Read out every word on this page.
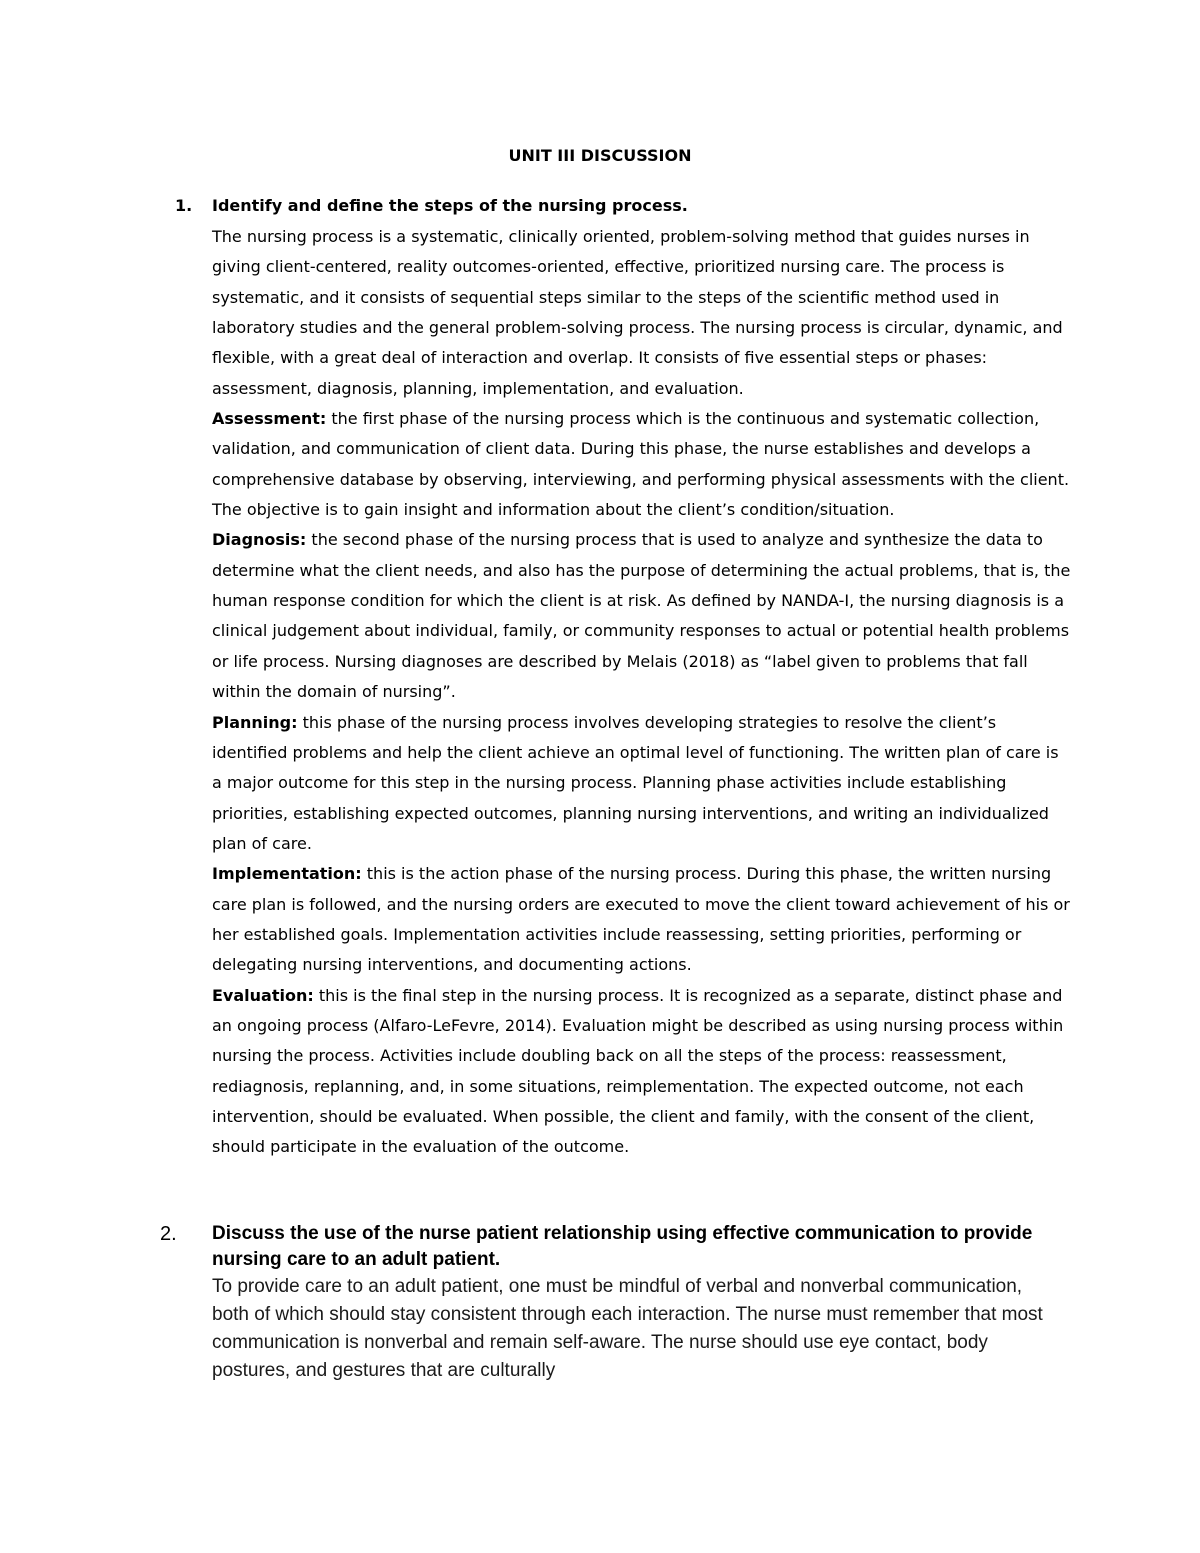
UNIT III DISCUSSION
1. Identify and define the steps of the nursing process.

The nursing process is a systematic, clinically oriented, problem-solving method that guides nurses in giving client-centered, reality outcomes-oriented, effective, prioritized nursing care. The process is systematic, and it consists of sequential steps similar to the steps of the scientific method used in laboratory studies and the general problem-solving process. The nursing process is circular, dynamic, and flexible, with a great deal of interaction and overlap. It consists of five essential steps or phases: assessment, diagnosis, planning, implementation, and evaluation.

Assessment: the first phase of the nursing process which is the continuous and systematic collection, validation, and communication of client data. During this phase, the nurse establishes and develops a comprehensive database by observing, interviewing, and performing physical assessments with the client. The objective is to gain insight and information about the client’s condition/situation.

Diagnosis: the second phase of the nursing process that is used to analyze and synthesize the data to determine what the client needs, and also has the purpose of determining the actual problems, that is, the human response condition for which the client is at risk. As defined by NANDA-I, the nursing diagnosis is a clinical judgement about individual, family, or community responses to actual or potential health problems or life process. Nursing diagnoses are described by Melais (2018) as “label given to problems that fall within the domain of nursing”.

Planning: this phase of the nursing process involves developing strategies to resolve the client’s identified problems and help the client achieve an optimal level of functioning. The written plan of care is a major outcome for this step in the nursing process. Planning phase activities include establishing priorities, establishing expected outcomes, planning nursing interventions, and writing an individualized plan of care.

Implementation: this is the action phase of the nursing process. During this phase, the written nursing care plan is followed, and the nursing orders are executed to move the client toward achievement of his or her established goals. Implementation activities include reassessing, setting priorities, performing or delegating nursing interventions, and documenting actions.

Evaluation: this is the final step in the nursing process. It is recognized as a separate, distinct phase and an ongoing process (Alfaro-LeFevre, 2014). Evaluation might be described as using nursing process within nursing the process. Activities include doubling back on all the steps of the process: reassessment, rediagnosis, replanning, and, in some situations, reimplementation. The expected outcome, not each intervention, should be evaluated. When possible, the client and family, with the consent of the client, should participate in the evaluation of the outcome.

2. Discuss the use of the nurse patient relationship using effective communication to provide nursing care to an adult patient.

To provide care to an adult patient, one must be mindful of verbal and nonverbal communication, both of which should stay consistent through each interaction. The nurse must remember that most communication is nonverbal and remain self-aware. The nurse should use eye contact, body postures, and gestures that are culturally
